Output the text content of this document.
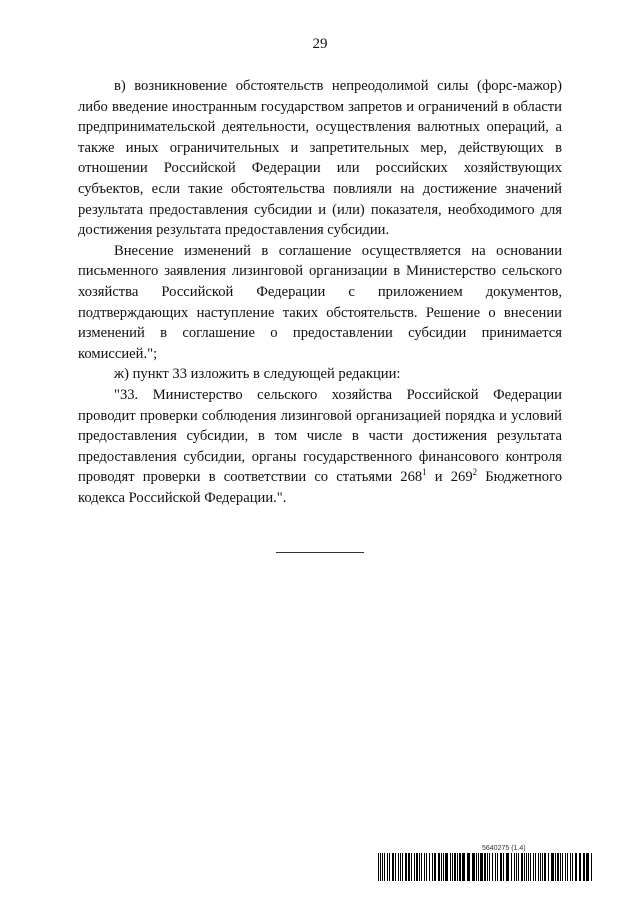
29

в) возникновение обстоятельств непреодолимой силы (форс-мажор) либо введение иностранным государством запретов и ограничений в области предпринимательской деятельности, осуществления валютных операций, а также иных ограничительных и запретительных мер, действующих в отношении Российской Федерации или российских хозяйствующих субъектов, если такие обстоятельства повлияли на достижение значений результата предоставления субсидии и (или) показателя, необходимого для достижения результата предоставления субсидии.

Внесение изменений в соглашение осуществляется на основании письменного заявления лизинговой организации в Министерство сельского хозяйства Российской Федерации с приложением документов, подтверждающих наступление таких обстоятельств. Решение о внесении изменений в соглашение о предоставлении субсидии принимается комиссией.";

ж) пункт 33 изложить в следующей редакции:

"33. Министерство сельского хозяйства Российской Федерации проводит проверки соблюдения лизинговой организацией порядка и условий предоставления субсидии, в том числе в части достижения результата предоставления субсидии, органы государственного финансового контроля проводят проверки в соответствии со статьями $268^1$ и $269^2$ Бюджетного кодекса Российской Федерации.".

5640275 (1.4)
